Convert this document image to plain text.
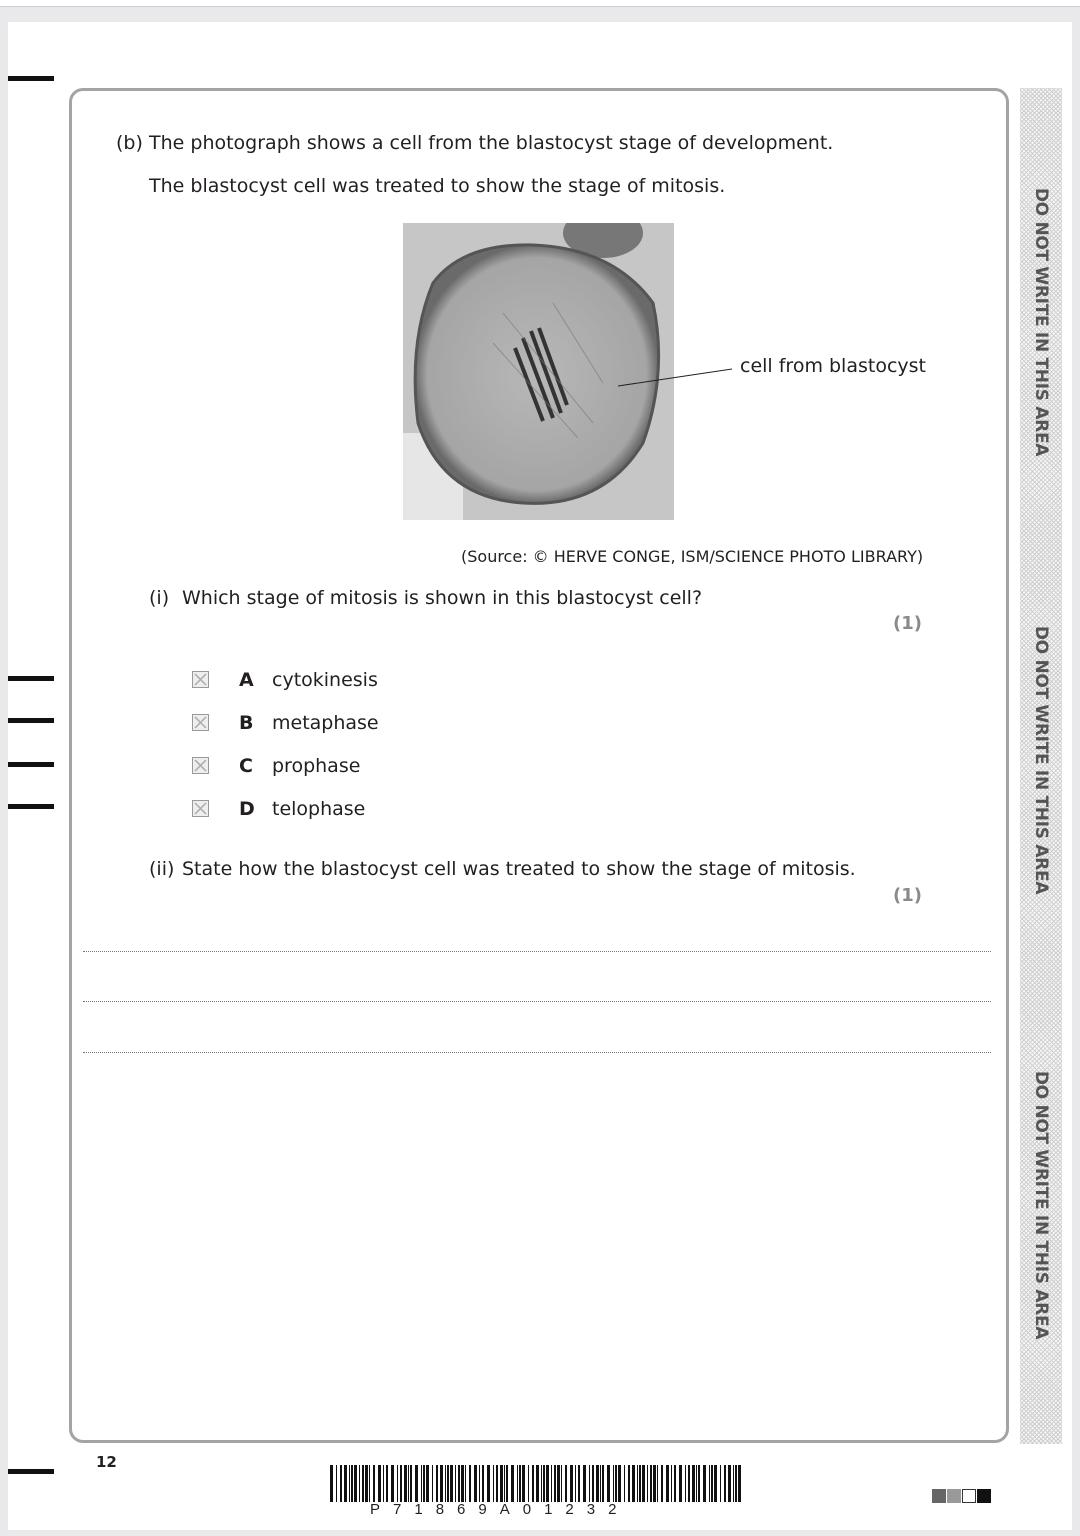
DO NOT WRITE IN THIS AREA
DO NOT WRITE IN THIS AREA
DO NOT WRITE IN THIS AREA
(b) The photograph shows a cell from the blastocyst stage of development.
The blastocyst cell was treated to show the stage of mitosis.
cell from blastocyst
(Source: © HERVE CONGE, ISM/SCIENCE PHOTO LIBRARY)
(i) Which stage of mitosis is shown in this blastocyst cell?
(1)
A cytokinesis
B metaphase
C prophase
D telophase
(ii) State how the blastocyst cell was treated to show the stage of mitosis.
(1)
12
P71869A01232
